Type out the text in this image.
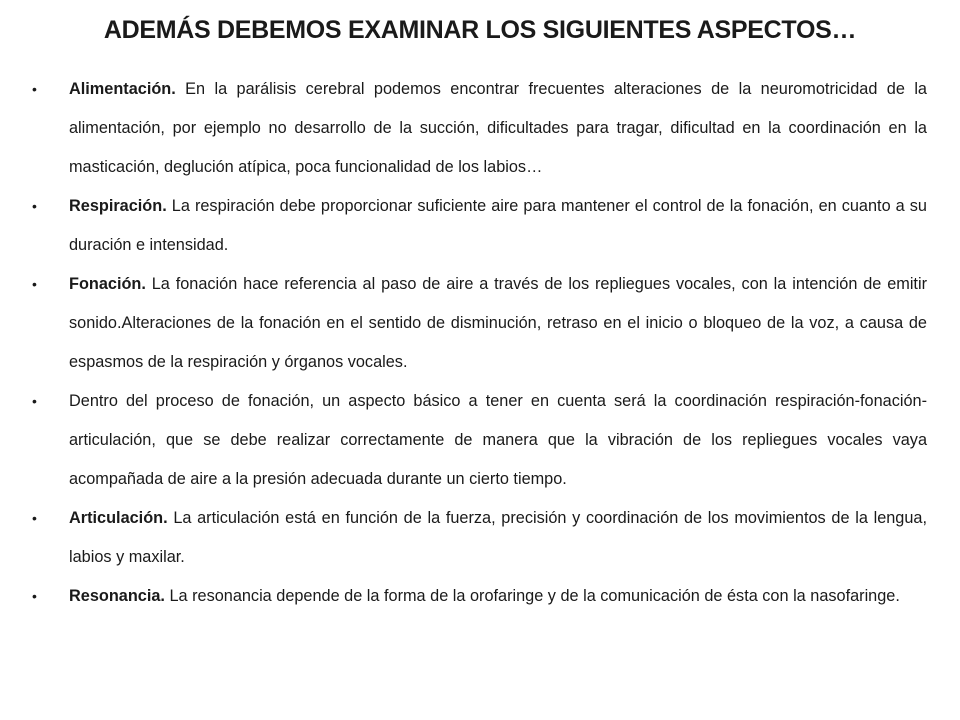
ADEMÁS DEBEMOS EXAMINAR LOS SIGUIENTES ASPECTOS…
• Alimentación. En la parálisis cerebral podemos encontrar frecuentes alteraciones de la neuromotricidad de la alimentación, por ejemplo no desarrollo de la succión, dificultades para tragar, dificultad en la coordinación en la masticación, deglución atípica, poca funcionalidad de los labios…
• Respiración. La respiración debe proporcionar suficiente aire para mantener el control de la fonación, en cuanto a su duración e intensidad.
• Fonación. La fonación hace referencia al paso de aire a través de los repliegues vocales, con la intención de emitir sonido.Alteraciones de la fonación en el sentido de disminución, retraso en el inicio o bloqueo de la voz, a causa de espasmos de la respiración y órganos vocales.
• Dentro del proceso de fonación, un aspecto básico a tener en cuenta será la coordinación respiración-fonación-articulación, que se debe realizar correctamente de manera que la vibración de los repliegues vocales vaya acompañada de aire a la presión adecuada durante un cierto tiempo.
• Articulación. La articulación está en función de la fuerza, precisión y coordinación de los movimientos de la lengua, labios y maxilar.
• Resonancia. La resonancia depende de la forma de la orofaringe y de la comunicación de ésta con la nasofaringe.
